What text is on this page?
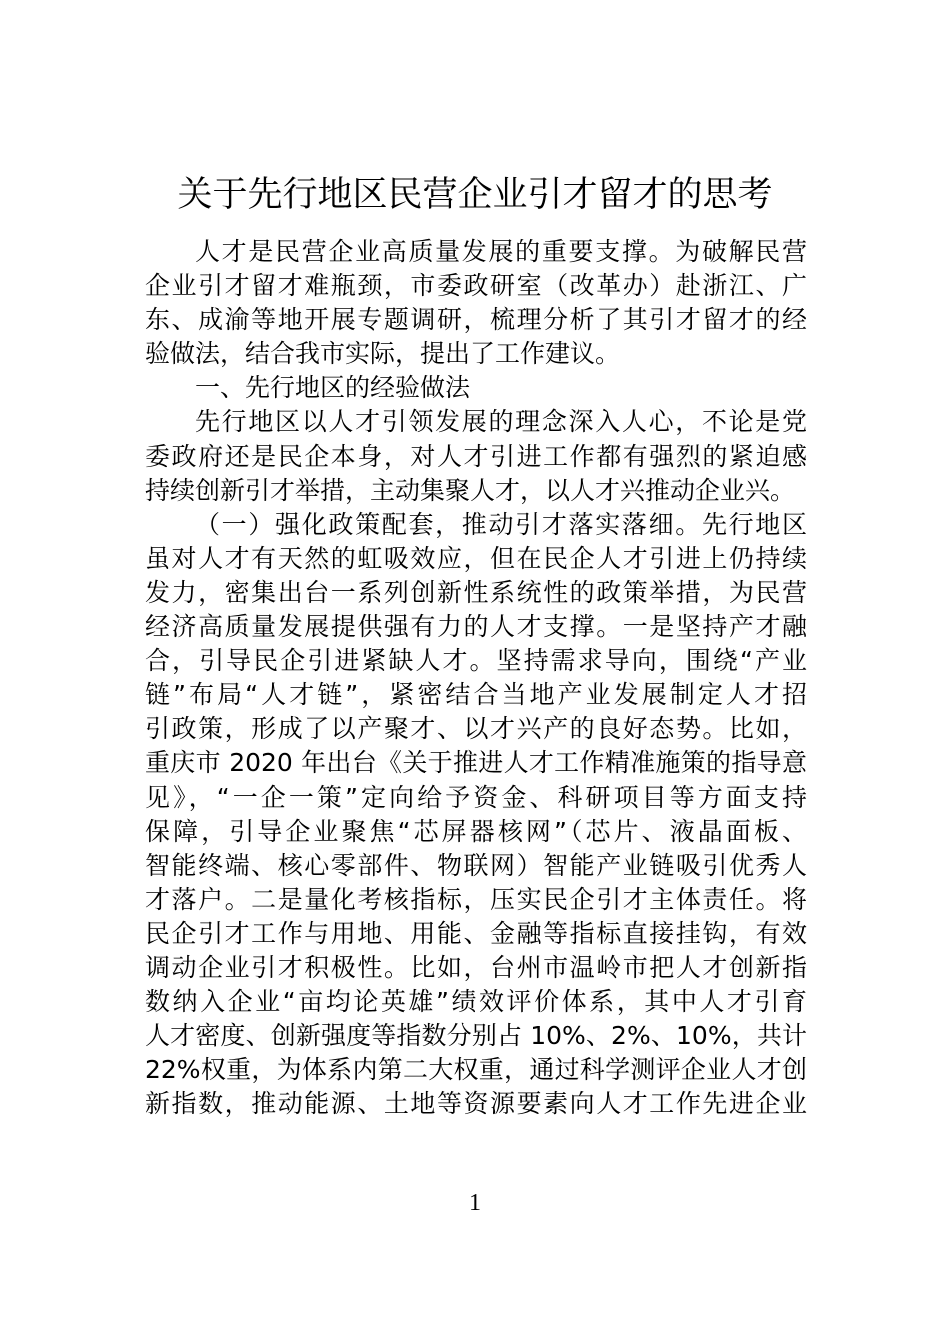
关于先行地区民营企业引才留才的思考
人才是民营企业高质量发展的重要支撑。为破解民营
企业引才留才难瓶颈，市委政研室（改革办）赴浙江、广
东、成渝等地开展专题调研，梳理分析了其引才留才的经
验做法，结合我市实际，提出了工作建议。
一、先行地区的经验做法
先行地区以人才引领发展的理念深入人心，不论是党
委政府还是民企本身，对人才引进工作都有强烈的紧迫感
持续创新引才举措，主动集聚人才，以人才兴推动企业兴。
（一）强化政策配套，推动引才落实落细。先行地区
虽对人才有天然的虹吸效应，但在民企人才引进上仍持续
发力，密集出台一系列创新性系统性的政策举措，为民营
经济高质量发展提供强有力的人才支撑。一是坚持产才融
合，引导民企引进紧缺人才。坚持需求导向，围绕“产业
链”布局“人才链”，紧密结合当地产业发展制定人才招
引政策，形成了以产聚才、以才兴产的良好态势。比如，
重庆市 2020 年出台《关于推进人才工作精准施策的指导意
见》，“一企一策”定向给予资金、科研项目等方面支持
保障，引导企业聚焦“芯屏器核网”（芯片、液晶面板、
智能终端、核心零部件、物联网）智能产业链吸引优秀人
才落户。二是量化考核指标，压实民企引才主体责任。将
民企引才工作与用地、用能、金融等指标直接挂钩，有效
调动企业引才积极性。比如，台州市温岭市把人才创新指
数纳入企业“亩均论英雄”绩效评价体系，其中人才引育
人才密度、创新强度等指数分别占 10%、2%、10%，共计
22%权重，为体系内第二大权重，通过科学测评企业人才创
新指数，推动能源、土地等资源要素向人才工作先进企业
1
